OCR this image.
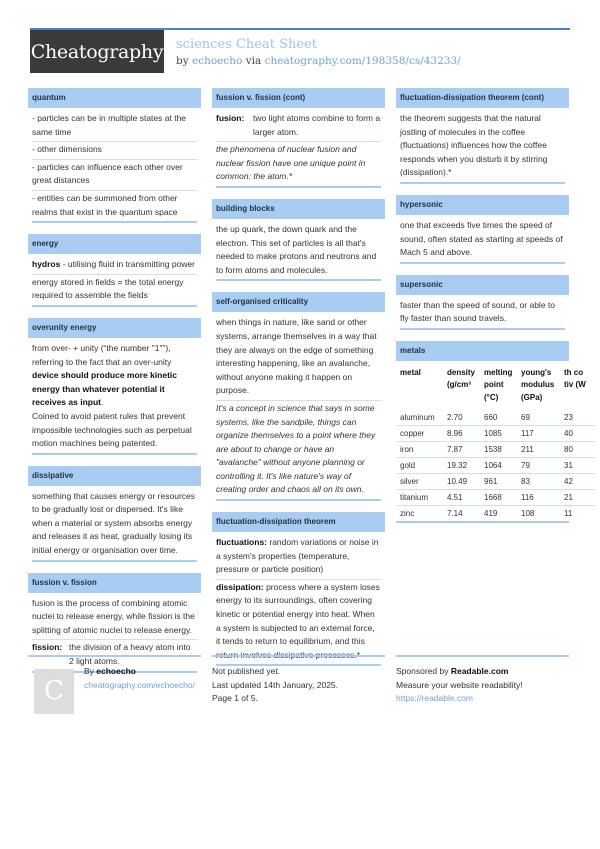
Cheatography sciences Cheat Sheet
by echoecho via cheatography.com/198358/cs/43233/
quantum
- particles can be in multiple states at the same time
- other dimensions
- particles can influence each other over great distances
- entities can be summoned from other realms that exist in the quantum space
energy
hydros - utilising fluid in transmitting power
energy stored in fields = the total energy required to assemble the fields
overunity energy
from over- + unity (“the number "1"”), referring to the fact that an over-unity device should produce more kinetic energy than whatever potential it receives as input.
Coined to avoid patent rules that prevent impossible technologies such as perpetual motion machines being patented.
dissipative
something that causes energy or resources to be gradually lost or dispersed. It's like when a material or system absorbs energy and releases it as heat, gradually losing its initial energy or organisation over time.
fussion v. fission
fusion is the process of combining atomic nuclei to release energy, while fission is the splitting of atomic nuclei to release energy.
fission: the division of a heavy atom into 2 light atoms.
fussion v. fission (cont)
fusion:	two light atoms combine to form a larger atom.
the phenomena of nuclear fusion and nuclear fission have one unique point in common: the atom.*
building blocks
the up quark, the down quark and the electron. This set of particles is all that's needed to make protons and neutrons and to form atoms and molecules.
self-organised criticality
when things in nature, like sand or other systems, arrange themselves in a way that they are always on the edge of something interesting happening, like an avalanche, without anyone making it happen on purpose.
It's a concept in science that says in some systems, like the sandpile, things can organize themselves to a point where they are about to change or have an "avalanche" without anyone planning or controlling it. It's like nature's way of creating order and chaos all on its own.
fluctuation-dissipation theorem
fluctuations: random variations or noise in a system's properties (temperature, pressure or particle position)
dissipation: process where a system loses energy to its surroundings, often covering kinetic or potential energy into heat. When a system is subjected to an external force, it tends to return to equilibrium, and this return involves dissipative processes.*
fluctuation-dissipation theorem (cont)
the theorem suggests that the natural jostling of molecules in the coffee (fluctuations) influences how the coffee responds when you disturb it by stirring (dissipation).*
hypersonic
one that exceeds five times the speed of sound, often stated as starting at speeds of Mach 5 and above.
supersonic
faster than the speed of sound, or able to fly faster than sound travels.
metals
metal	density (g/cm³	melting point (°C)	young's modulus (GPa)	th co tiv (W
aluminum	2.70	660	69	23
copper	8.96	1085	117	40
iron	7.87	1538	211	80
gold	19.32	1064	79	31
silver	10.49	961	83	42
titanium	4.51	1668	116	21
zinc	7.14	419	108	11
C
By echoecho
cheatography.com/echoecho/
Not published yet.
Last updated 14th January, 2025.
Page 1 of 5.
Sponsored by Readable.com
Measure your website readability!
https://readable.com
